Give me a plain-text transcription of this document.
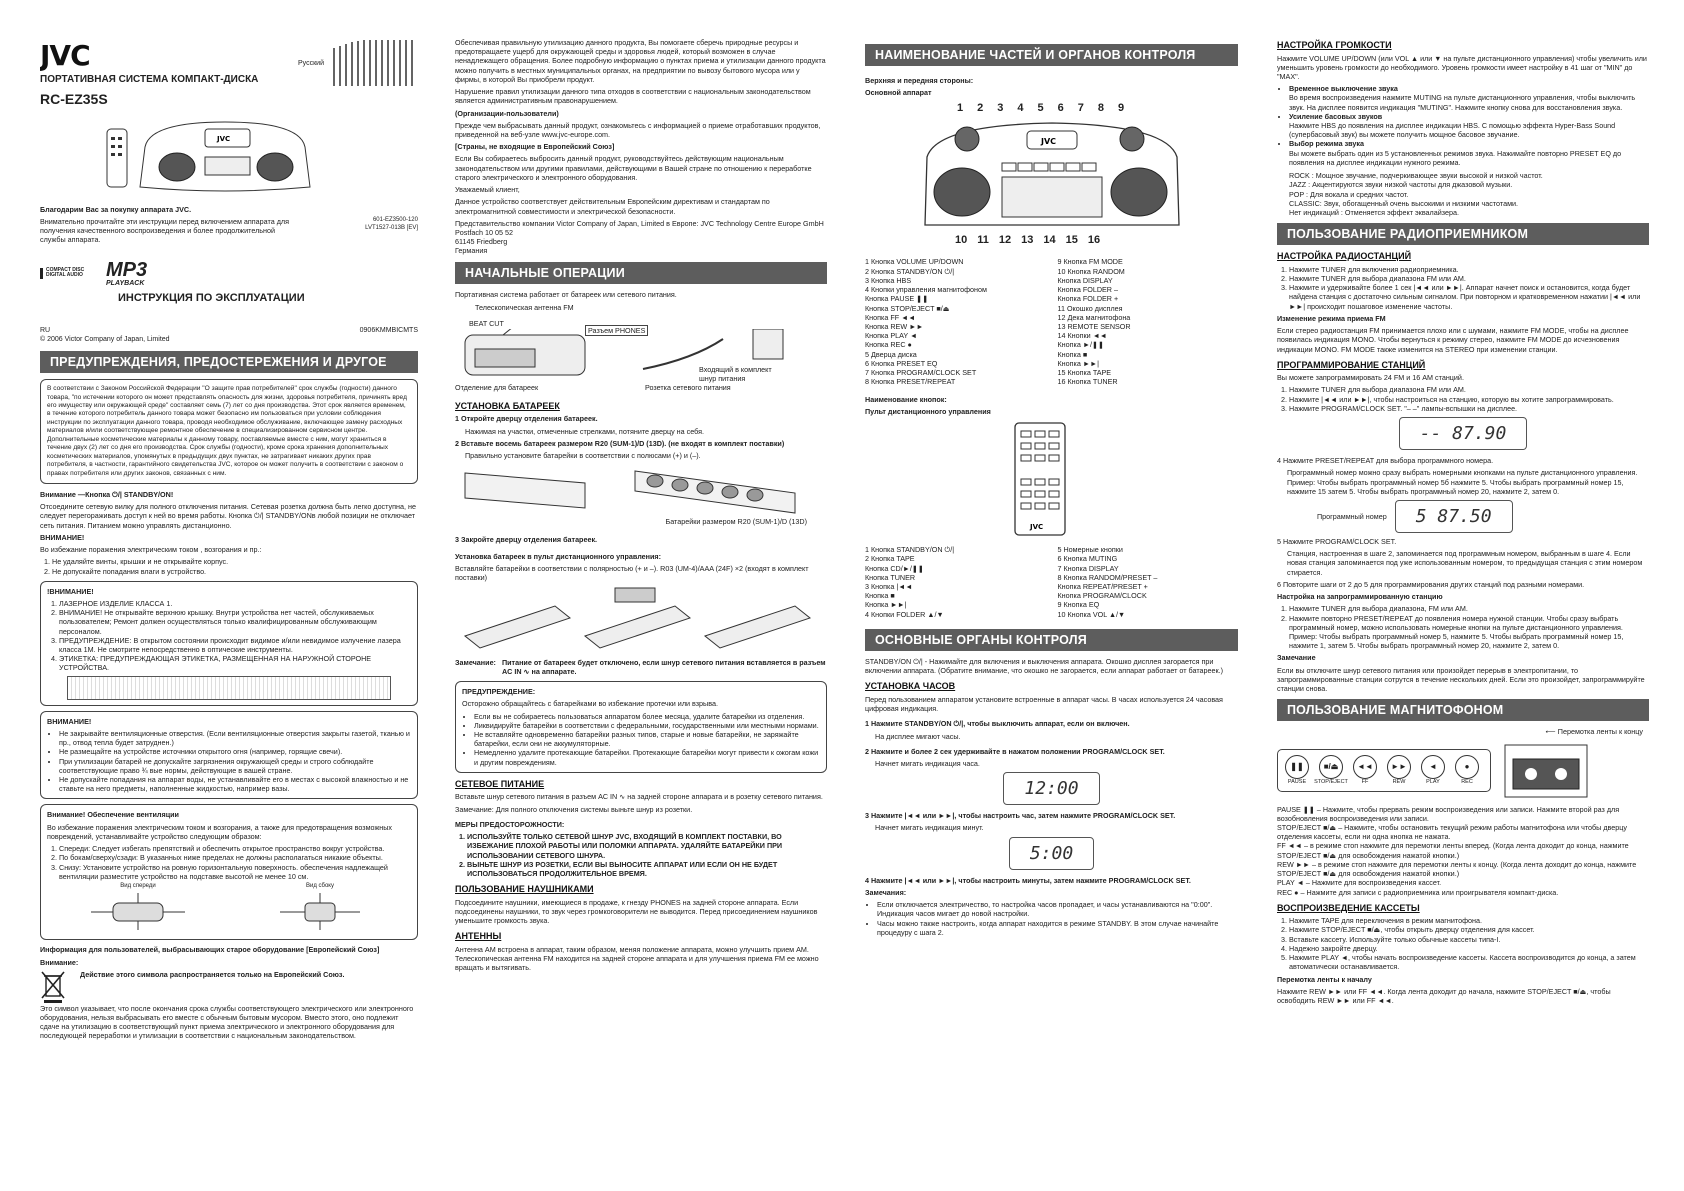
JVC
ПОРТАТИВНАЯ СИСТЕМА КОМПАКТ-ДИСКА
RC-EZ35S
Русский
JVC

Благодарим Вас за покупку аппарата JVC.

Внимательно прочитайте эти инструкции перед включением аппарата для получения качественного воспроизведения и более продолжительной службы аппарата.

601-EZ3500-120
LVT1527-013B [EV]
COMPACT DISC DIGITAL AUDIO	MP3
PLAYBACK
ИНСТРУКЦИЯ ПО ЭКСПЛУАТАЦИИ
RU
© 2006 Victor Company of Japan, Limited
0906KMMBICMTS
ПРЕДУПРЕЖДЕНИЯ, ПРЕДОСТЕРЕЖЕНИЯ И ДРУГОЕ
В соответствии с Законом Российской Федерации "О защите прав потребителей" срок службы (годности) данного товара, "по истечении которого он может представлять опасность для жизни, здоровья потребителя, причинять вред его имуществу или окружающей среде" составляет семь (7) лет со дня производства. Этот срок является временем, в течение которого потребитель данного товара может безопасно им пользоваться при условии соблюдения инструкции по эксплуатации данного товара, проводя необходимое обслуживание, включающее замену расходных материалов и/или соответствующее ремонтное обеспечение в специализированном сервисном центре. Дополнительные косметические материалы к данному товару, поставляемые вместе с ним, могут храниться в течение двух (2) лет со дня его производства. Срок службы (годности), кроме срока хранения дополнительных косметических материалов, упомянутых в предыдущих двух пунктах, не затрагивает никаких других прав потребителя, в частности, гарантийного свидетельства JVC, которое он может получить в соответствии с законом о правах потребителя или других законов, связанных с ним.

Внимание —Кнопка ⏻/| STANDBY/ON!

Отсоедините сетевую вилку для полного отключения питания. Сетевая розетка должна быть легко доступна, не следует перегораживать доступ к ней во время работы. Кнопка ⏻/| STANDBY/ONв любой позиции не отключает сеть питания. Питанием можно управлять дистанционно.

ВНИМАНИЕ!

Во избежание поражения электрическим током , возгорания и пр.:

1. Не удаляйте винты, крышки и не открывайте корпус.
2. Не допускайте попадания влаги в устройство.

!ВНИМАНИЕ!

1. ЛАЗЕРНОЕ ИЗДЕЛИЕ КЛАССА 1.
2. ВНИМАНИЕ! Не открывайте верхнюю крышку. Внутри устройства нет частей, обслуживаемых пользователем; Ремонт должен осуществляться только квалифицированным обслуживающим персоналом.
3. ПРЕДУПРЕЖДЕНИЕ: В открытом состоянии происходит видимое и/или невидимое излучение лазера класса 1М. Не смотрите непосредственно в оптические инструменты.
4. ЭТИКЕТКА: ПРЕДУПРЕЖДАЮЩАЯ ЭТИКЕТКА, РАЗМЕЩЕННАЯ НА НАРУЖНОЙ СТОРОНЕ УСТРОЙСТВА.

ВНИМАНИЕ!

• Не закрывайте вентиляционные отверстия. (Если вентиляционные отверстия закрыты газетой, тканью и пр., отвод тепла будет затруднен.)
• Не размещайте на устройстве источники открытого огня (например, горящие свечи).
• При утилизации батарей не допускайте загрязнения окружающей среды и строго соблюдайте соответствующие право ¾ вые нормы, действующие в вашей стране.
• Не допускайте попадания на аппарат воды, не устанавливайте его в местах с высокой влажностью и не ставьте на него предметы, наполненные жидкостью, например вазы.

Внимание! Обеспечение вентиляции

Во избежание поражения электрическим током и возгорания, а также для предотвращения возможных повреждений, устанавливайте устройство следующим образом:

1. Спереди: Следует избегать препятствий и обеспечить открытое пространство вокруг устройства.
2. По бокам/сверху/сзади: В указанных ниже пределах не должны располагаться никакие объекты.
3. Снизу: Установите устройство на ровную горизонтальную поверхность. обеспечения надлежащей вентиляции разместите устройство на подставке высотой не менее 10 см.
Вид спереди	Вид сбоку

Информация для пользователей, выбрасывающих старое оборудование [Европейский Союз]

Внимание:

Действие этого символа распространяется только на Европейский Союз.

Это символ указывает, что после окончания срока службы соответствующего электрического или электронного оборудования, нельзя выбрасывать его вместе с обычным бытовым мусором. Вместо этого, оно подлежит сдаче на утилизацию в соответствующий пункт приема электрического и электронного оборудования для последующей переработки и утилизации в соответствии с национальным законодательством.

Обеспечивая правильную утилизацию данного продукта, Вы помогаете сберечь природные ресурсы и предотвращаете ущерб для окружающей среды и здоровья людей, который возможен в случае ненадлежащего обращения. Более подробную информацию о пунктах приема и утилизации данного продукта можно получить в местных муниципальных органах, на предприятии по вывозу бытового мусора или у фирмы, в которой Вы приобрели продукт.

Нарушение правил утилизации данного типа отходов в соответствии с национальным законодательством является административным правонарушением.

(Организации-пользователи)

Прежде чем выбрасывать данный продукт, ознакомьтесь с информацией о приеме отработавших продуктов, приведенной на веб-узле www.jvc-europe.com.

[Страны, не входящие в Европейский Союз]

Если Вы собираетесь выбросить данный продукт, руководствуйтесь действующим национальным законодательством или другими правилами, действующими в Вашей стране по отношению к переработке старого электрического и электронного оборудования.

Уважаемый клиент,

Данное устройство соответствует действительным Европейским директивам и стандартам по электромагнитной совместимости и электрической безопасности.

Представительство компании Victor Company of Japan, Limited в Европе: JVC Technology Centre Europe GmbH

Postfach 10 05 52
61145 Friedberg
Германия
НАЧАЛЬНЫЕ ОПЕРАЦИИ

Портативная система работает от батареек или сетевого питания.

Телескопическая антенна FM
BEAT CUT
Разъем PHONES
Отделение для батареек
Входящий в комплект шнур питания
Розетка сетевого питания
УСТАНОВКА БАТАРЕЕК

1 Откройте дверцу отделения батареек.

Нажимая на участки, отмеченные стрелками, потяните дверцу на себя.

2 Вставьте восемь батареек размером R20 (SUM-1)/D (13D). (не входят в комплект поставки)

Правильно установите батарейки в соответствии с полюсами (+) и (–).

Батарейки размером R20 (SUM-1)/D (13D)

3 Закройте дверцу отделения батареек.

Установка батареек в пульт дистанционного управления:

Вставляйте батарейки в соответствии с полярностью (+ и –). R03 (UM-4)/AAA (24F) ×2 (входят в комплект поставки)

Замечание: Питание от батареек будет отключено, если шнур сетевого питания вставляется в разъем AC IN ∿ на аппарате.

ПРЕДУПРЕЖДЕНИЕ:

Осторожно обращайтесь с батарейками во избежание протечки или взрыва.

• Если вы не собираетесь пользоваться аппаратом более месяца, удалите батарейки из отделения.
• Ликвидируйте батарейки в соответствии с федеральными, государственными или местными нормами.
• Не вставляйте одновременно батарейки разных типов, старые и новые батарейки, не заряжайте батарейки, если они не аккумуляторные.
• Немедленно удалите протекающие батарейки. Протекающие батарейки могут привести к ожогам кожи и другим повреждениям.
СЕТЕВОЕ ПИТАНИЕ

Вставьте шнур сетевого питания в разъем AC IN ∿ на задней стороне аппарата и в розетку сетевого питания.

Замечание: Для полного отключения системы выньте шнур из розетки.

МЕРЫ ПРЕДОСТОРОЖНОСТИ:

1. ИСПОЛЬЗУЙТЕ ТОЛЬКО СЕТЕВОЙ ШНУР JVC, ВХОДЯЩИЙ В КОМПЛЕКТ ПОСТАВКИ, ВО ИЗБЕЖАНИЕ ПЛОХОЙ РАБОТЫ ИЛИ ПОЛОМКИ АППАРАТА. УДАЛЯЙТЕ БАТАРЕЙКИ ПРИ ИСПОЛЬЗОВАНИИ СЕТЕВОГО ШНУРА.
2. ВЫНЬТЕ ШНУР ИЗ РОЗЕТКИ, ЕСЛИ ВЫ ВЫНОСИТЕ АППАРАТ ИЛИ ЕСЛИ ОН НЕ БУДЕТ ИСПОЛЬЗОВАТЬСЯ ПРОДОЛЖИТЕЛЬНОЕ ВРЕМЯ.
ПОЛЬЗОВАНИЕ НАУШНИКАМИ

Подсоедините наушники, имеющиеся в продаже, к гнезду PHONES на задней стороне аппарата. Если подсоединены наушники, то звук через громкоговорители не выводится. Перед присоединением наушников уменьшите громкость звука.

АНТЕННЫ

Антенна AM встроена в аппарат, таким образом, меняя положение аппарата, можно улучшить прием AM. Телескопическая антенна FM находится на задней стороне аппарата и для улучшения приема FM ее можно вращать и вытягивать.

НАИМЕНОВАНИЕ ЧАСТЕЙ И ОРГАНОВ КОНТРОЛЯ

Верхняя и передняя стороны:

Основной аппарат

1 2 3 4 5 6 7 8 9
JVC
10 11 12 13 14 15 16
1 Кнопка VOLUME UP/DOWN
2 Кнопка STANDBY/ON ⏻/|
3 Кнопка HBS
4 Кнопки управления магнитофоном
Кнопка PAUSE ❚❚
Кнопка STOP/EJECT ■/⏏
Кнопка FF ◄◄
Кнопка REW ►►
Кнопка PLAY ◄
Кнопка REC ●
5 Дверца диска
6 Кнопка PRESET EQ
7 Кнопка PROGRAM/CLOCK SET
8 Кнопка PRESET/REPEAT
9 Кнопка FM MODE
10 Кнопка RANDOM
Кнопка DISPLAY
Кнопка FOLDER –
Кнопка FOLDER +
11 Окошко дисплея
12 Дека магнитофона
13 REMOTE SENSOR
14 Кнопки ◄◄
Кнопка ►/❚❚
Кнопка ■
Кнопка ►►|
15 Кнопка TAPE
16 Кнопка TUNER

Наименование кнопок:

Пульт дистанционного управления

JVC
1 Кнопка STANDBY/ON ⏻/|
2 Кнопка TAPE
Кнопка CD/►/❚❚
Кнопка TUNER
3 Кнопка |◄◄
Кнопка ■
Кнопка ►►|
4 Кнопки FOLDER ▲/▼
5 Номерные кнопки
6 Кнопка MUTING
7 Кнопка DISPLAY
8 Кнопка RANDOM/PRESET –
Кнопка REPEAT/PRESET +
Кнопка PROGRAM/CLOCK
9 Кнопка EQ
10 Кнопка VOL ▲/▼
ОСНОВНЫЕ ОРГАНЫ КОНТРОЛЯ

STANDBY/ON ⏻/| - Нажимайте для включения и выключения аппарата. Окошко дисплея загорается при включении аппарата. (Обратите внимание, что окошко не загорается, если аппарат работает от батареек.)

УСТАНОВКА ЧАСОВ

Перед пользованием аппаратом установите встроенные в аппарат часы. В часах используется 24 часовая цифровая индикация.

1 Нажмите STANDBY/ON ⏻/|, чтобы выключить аппарат, если он включен.

На дисплее мигают часы.

2 Нажмите и более 2 сек удерживайте в нажатом положении PROGRAM/CLOCK SET.

Начнет мигать индикация часа.

12:00

3 Нажмите |◄◄ или ►►|, чтобы настроить час, затем нажмите PROGRAM/CLOCK SET.

Начнет мигать индикация минут.

5:00

4 Нажмите |◄◄ или ►►|, чтобы настроить минуты, затем нажмите PROGRAM/CLOCK SET.

Замечания:

• Если отключается электричество, то настройка часов пропадает, и часы устанавливаются на "0:00". Индикация часов мигает до новой настройки.
• Часы можно также настроить, когда аппарат находится в режиме STANDBY. В этом случае начинайте процедуру с шага 2.
НАСТРОЙКА ГРОМКОСТИ

Нажмите VOLUME UP/DOWN (или VOL ▲ или ▼ на пульте дистанционного управления) чтобы увеличить или уменьшить уровень громкости до необходимого. Уровень громкости имеет настройку в 41 шаг от "MIN" до "MAX".

• Временное выключение звука
Во время воспроизведения нажмите MUTING на пульте дистанционного управления, чтобы выключить звук. На дисплее появится индикация "MUTING". Нажмите кнопку снова для восстановления звука.
• Усиление басовых звуков
Нажмите HBS до появления на дисплее индикации HBS. С помощью эффекта Hyper-Bass Sound (супербасовый звук) вы можете получить мощное басовое звучание.
• Выбор режима звука
Вы можете выбрать один из 5 установленных режимов звука. Нажимайте повторно PRESET EQ до появления на дисплее индикации нужного режима.
ROCK : Мощное звучание, подчеркивающее звуки высокой и низкой частот.
JAZZ : Акцентируются звуки низкой частоты для джазовой музыки.
POP : Для вокала и средних частот.
CLASSIC: Звук, обогащенный очень высокими и низкими частотами.
Нет индикаций : Отменяется эффект эквалайзера.
ПОЛЬЗОВАНИЕ РАДИОПРИЕМНИКОМ
НАСТРОЙКА РАДИОСТАНЦИЙ
1. Нажмите TUNER для включения радиоприемника.
2. Нажмите TUNER для выбора диапазона FM или AM.
3. Нажмите и удерживайте более 1 сек |◄◄ или ►►|. Аппарат начнет поиск и остановится, когда будет найдена станция с достаточно сильным сигналом. При повторном и кратковременном нажатии |◄◄ или ►►| происходит пошаговое изменение частоты.

Изменение режима приема FM

Если стерео радиостанция FM принимается плохо или с шумами, нажмите FM MODE, чтобы на дисплее появилась индикация MONO. Чтобы вернуться к режиму стерео, нажмите FM MODE до исчезновения индикации MONO. FM MODE также изменится на STEREO при изменении станции.

ПРОГРАММИРОВАНИЕ СТАНЦИЙ

Вы можете запрограммировать 24 FM и 16 AM станций.

1. Нажмите TUNER для выбора диапазона FM или AM.
2. Нажмите |◄◄ или ►►|, чтобы настроиться на станцию, которую вы хотите запрограммировать.
3. Нажмите PROGRAM/CLOCK SET. "– –" лампы-вспышки на дисплее.
-- 87.90

4 Нажмите PRESET/REPEAT для выбора программного номера.

Программный номер можно сразу выбрать номерными кнопками на пульте дистанционного управления. Пример: Чтобы выбрать программный номер 5б нажмите 5. Чтобы выбрать программный номер 15, нажмите 15 затем 5. Чтобы выбрать программный номер 20, нажмите 2, затем 0.

Программный номер	5 87.50

5 Нажмите PROGRAM/CLOCK SET.

Станция, настроенная в шаге 2, запоминается под программным номером, выбранным в шаге 4. Если новая станция запоминается под уже использованным номером, то предыдущая станция с этим номером стирается.

6 Повторите шаги от 2 до 5 для программирования других станций под разными номерами.

Настройка на запрограммированную станцию

1. Нажмите TUNER для выбора диапазона, FM или AM.
2. Нажмите повторно PRESET/REPEAT до появления номера нужной станции. Чтобы сразу выбрать программный номер, можно использовать номерные кнопки на пульте дистанционного управления. Пример: Чтобы выбрать программный номер 5, нажмите 5. Чтобы выбрать программный номер 15, нажмите 1, затем 5. Чтобы выбрать программный номер 20, нажмите 2, затем 0.

Замечание

Если вы отключите шнур сетевого питания или произойдет перерыв в электропитании, то запрограммированные станции сотрутся в течение нескольких дней. Если это произойдет, запрограммируйте станции снова.

ПОЛЬЗОВАНИЕ МАГНИТОФОНОМ
⟵ Перемотка ленты к концу
❚❚
PAUSE
■/⏏
STOP/EJECT
◄◄
FF
►►
REW
◄
PLAY
●
REC
PAUSE ❚❚ – Нажмите, чтобы прервать режим воспроизведения или записи. Нажмите второй раз для возобновления воспроизведения или записи.
STOP/EJECT ■/⏏ – Нажмите, чтобы остановить текущий режим работы магнитофона или чтобы дверцу отделения кассеты, если ни одна кнопка не нажата.
FF ◄◄ – в режиме стоп нажмите для перемотки ленты вперед. (Когда лента доходит до конца, нажмите STOP/EJECT ■/⏏ для освобождения нажатой кнопки.)
REW ►► – в режиме стоп нажмите для перемотки ленты к концу. (Когда лента доходит до конца, нажмите STOP/EJECT ■/⏏ для освобождения нажатой кнопки.)
PLAY ◄ – Нажмите для воспроизведения кассет.
REC ● – Нажмите для записи с радиоприемника или проигрывателя компакт-диска.
ВОСПРОИЗВЕДЕНИЕ КАССЕТЫ
1. Нажмите TAPE для переключения в режим магнитофона.
2. Нажмите STOP/EJECT ■/⏏, чтобы открыть дверцу отделения для кассет.
3. Вставьте кассету. Используйте только обычные кассеты типа-I.
4. Надежно закройте дверцу.
5. Нажмите PLAY ◄, чтобы начать воспроизведение кассеты. Кассета воспроизводится до конца, а затем автоматически останавливается.

Перемотка ленты к началу

Нажмите REW ►► или FF ◄◄. Когда лента доходит до начала, нажмите STOP/EJECT ■/⏏, чтобы освободить REW ►► или FF ◄◄.
